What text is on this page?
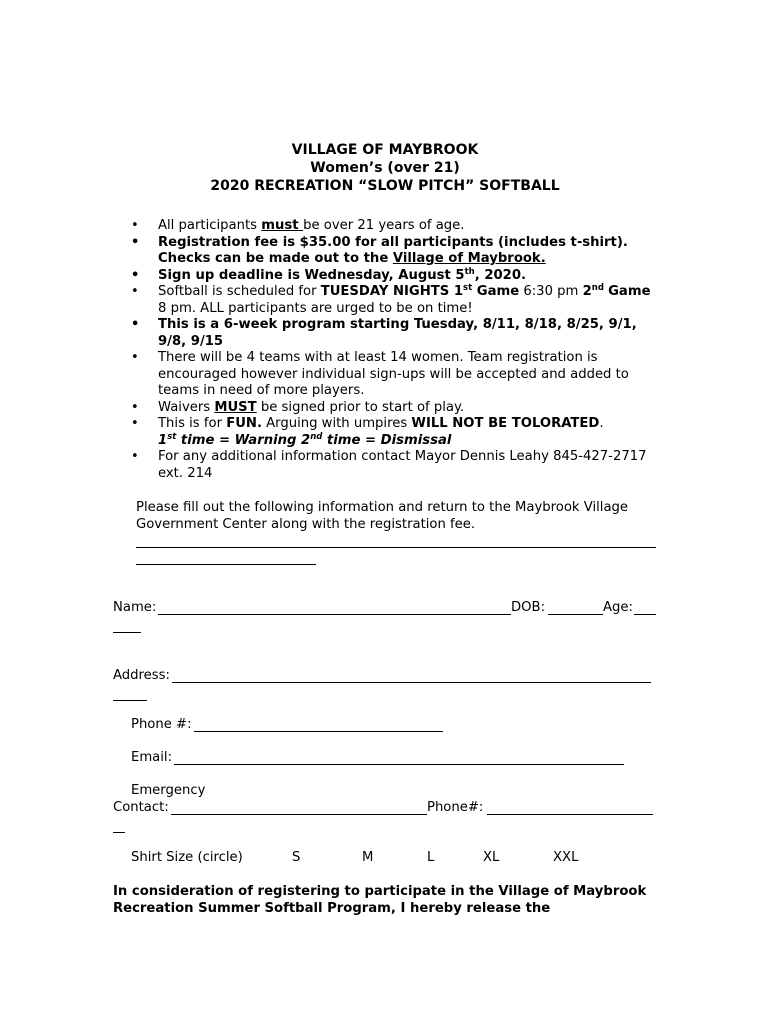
VILLAGE OF MAYBROOK
Women’s (over 21)
2020 RECREATION “SLOW PITCH” SOFTBALL
• All participants must be over 21 years of age.
• Registration fee is $35.00 for all participants (includes t-shirt). Checks can be made out to the Village of Maybrook.
• Sign up deadline is Wednesday, August 5th, 2020.
• Softball is scheduled for TUESDAY NIGHTS 1st Game 6:30 pm 2nd Game 8 pm. ALL participants are urged to be on time!
• This is a 6-week program starting Tuesday, 8/11, 8/18, 8/25, 9/1, 9/8, 9/15
• There will be 4 teams with at least 14 women. Team registration is encouraged however individual sign-ups will be accepted and added to teams in need of more players.
• Waivers MUST be signed prior to start of play.
• This is for FUN. Arguing with umpires WILL NOT BE TOLORATED.
1st time = Warning 2nd time = Dismissal
• For any additional information contact Mayor Dennis Leahy 845-427-2717 ext. 214
Please fill out the following information and return to the Maybrook Village Government Center along with the registration fee.
Name:	DOB:	Age:
Address:
Phone #:
Email:
Emergency
Contact:	Phone#:
Shirt Size (circle)	S	M	L	XL	XXL
In consideration of registering to participate in the Village of Maybrook Recreation Summer Softball Program, I hereby release the
